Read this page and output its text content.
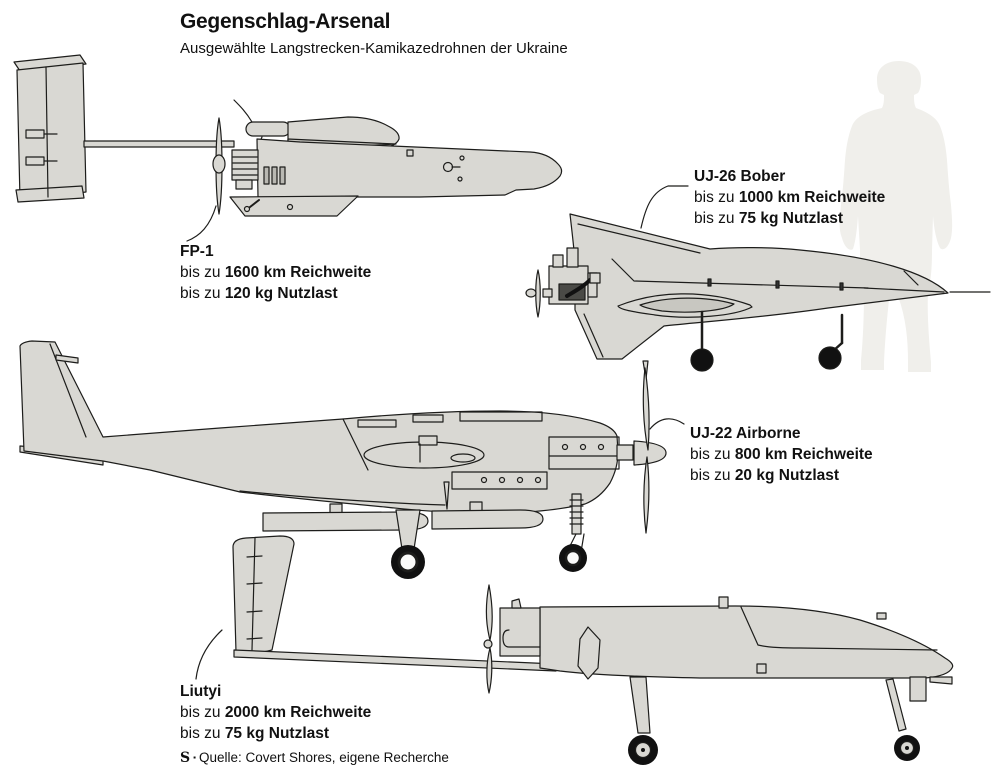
Gegenschlag-Arsenal
Ausgewählte Langstrecken-Kamikazedrohnen der Ukraine
FP-1
bis zu 1600 km Reichweite
bis zu 120 kg Nutzlast
UJ-26 Bober
bis zu 1000 km Reichweite
bis zu 75 kg Nutzlast
UJ-22 Airborne
bis zu 800 km Reichweite
bis zu 20 kg Nutzlast
Liutyi
bis zu 2000 km Reichweite
bis zu 75 kg Nutzlast
S ▪ Quelle: Covert Shores, eigene Recherche
